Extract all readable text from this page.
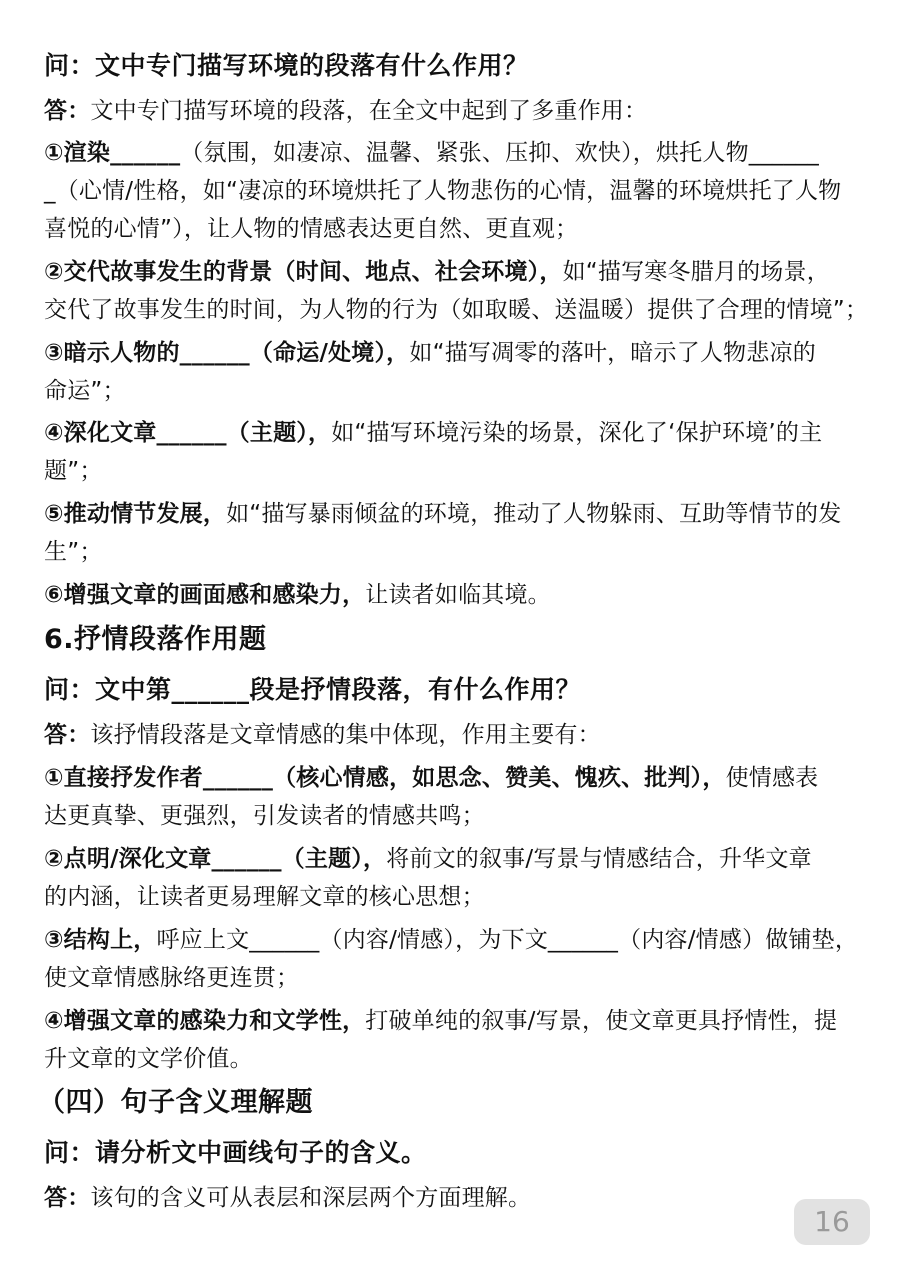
问：文中专门描写环境的段落有什么作用？
答：文中专门描写环境的段落，在全文中起到了多重作用：
①渲染______（氛围，如凄凉、温馨、紧张、压抑、欢快），烘托人物______
_（心情/性格，如“凄凉的环境烘托了人物悲伤的心情，温馨的环境烘托了人物
喜悦的心情”），让人物的情感表达更自然、更直观；
②交代故事发生的背景（时间、地点、社会环境），如“描写寒冬腊月的场景，
交代了故事发生的时间，为人物的行为（如取暖、送温暖）提供了合理的情境”；
③暗示人物的______（命运/处境），如“描写凋零的落叶，暗示了人物悲凉的
命运”；
④深化文章______（主题），如“描写环境污染的场景，深化了‘保护环境’的主
题”；
⑤推动情节发展，如“描写暴雨倾盆的环境，推动了人物躲雨、互助等情节的发
生”；
⑥增强文章的画面感和感染力，让读者如临其境。
6.抒情段落作用题
问：文中第______段是抒情段落，有什么作用？
答：该抒情段落是文章情感的集中体现，作用主要有：
①直接抒发作者______（核心情感，如思念、赞美、愧疚、批判），使情感表
达更真挚、更强烈，引发读者的情感共鸣；
②点明/深化文章______（主题），将前文的叙事/写景与情感结合，升华文章
的内涵，让读者更易理解文章的核心思想；
③结构上，呼应上文______（内容/情感），为下文______（内容/情感）做铺垫，
使文章情感脉络更连贯；
④增强文章的感染力和文学性，打破单纯的叙事/写景，使文章更具抒情性，提
升文章的文学价值。
（四）句子含义理解题
问：请分析文中画线句子的含义。
答：该句的含义可从表层和深层两个方面理解。
16
